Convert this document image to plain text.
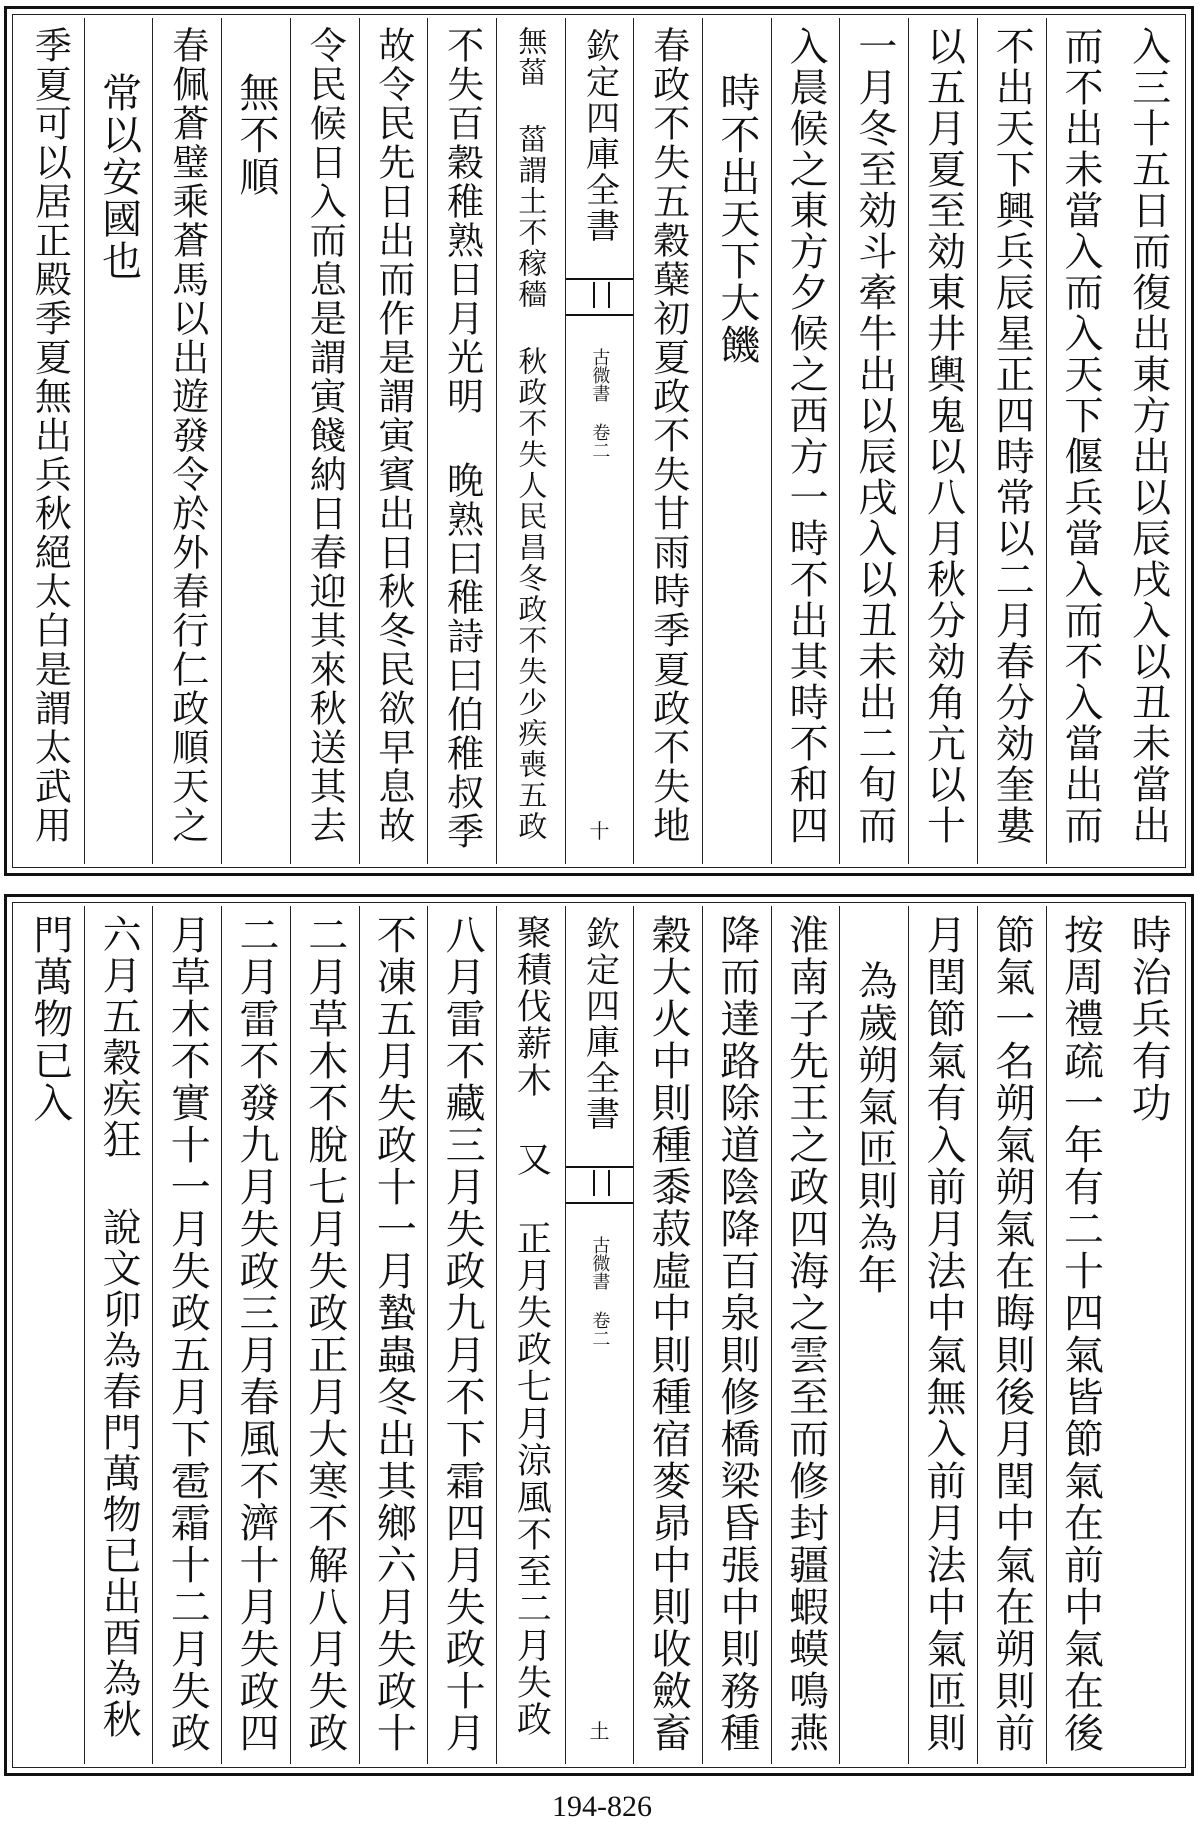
入三十五日而復出東方出以辰戌入以丑未當出
而不出未當入而入天下偃兵當入而不入當出而
不出天下興兵辰星正四時常以二月春分効奎婁
以五月夏至効東井輿鬼以八月秋分効角亢以十
一月冬至効斗牽牛出以辰戌入以丑未出二旬而
入晨候之東方夕候之西方一時不出其時不和四
時不出天下大饑
春政不失五穀蘖初夏政不失甘雨時季夏政不失地
欽定四庫全書
古微書 卷二
十
無菑 菑謂土不稼穡 秋政不失人民昌冬政不失少疾喪五政
不失百穀稚熟日月光明 晚熟曰稚詩曰伯稚叔季
故令民先日出而作是謂寅賓出日秋冬民欲早息故
令民候日入而息是謂寅餞納日春迎其來秋送其去
無不順
春佩蒼璧乘蒼馬以出遊發令於外春行仁政順天之
常以安國也
季夏可以居正殿季夏無出兵秋絕太白是謂太武用
時治兵有功
按周禮疏一年有二十四氣皆節氣在前中氣在後
節氣一名朔氣朔氣在晦則後月閏中氣在朔則前
月閏節氣有入前月法中氣無入前月法中氣匝則
為歲朔氣匝則為年
淮南子先王之政四海之雲至而修封疆蝦蟆鳴燕
降而達路除道陰降百泉則修橋梁昏張中則務種
穀大火中則種黍菽虛中則種宿麥昴中則收斂畜
欽定四庫全書
古微書 卷二
土
聚積伐薪木 又 正月失政七月涼風不至二月失政
八月雷不藏三月失政九月不下霜四月失政十月
不凍五月失政十一月蟄蟲冬出其鄉六月失政十
二月草木不脫七月失政正月大寒不解八月失政
二月雷不發九月失政三月春風不濟十月失政四
月草木不實十一月失政五月下雹霜十二月失政
六月五穀疾狂 說文卯為春門萬物已出酉為秋
門萬物已入
194-826
